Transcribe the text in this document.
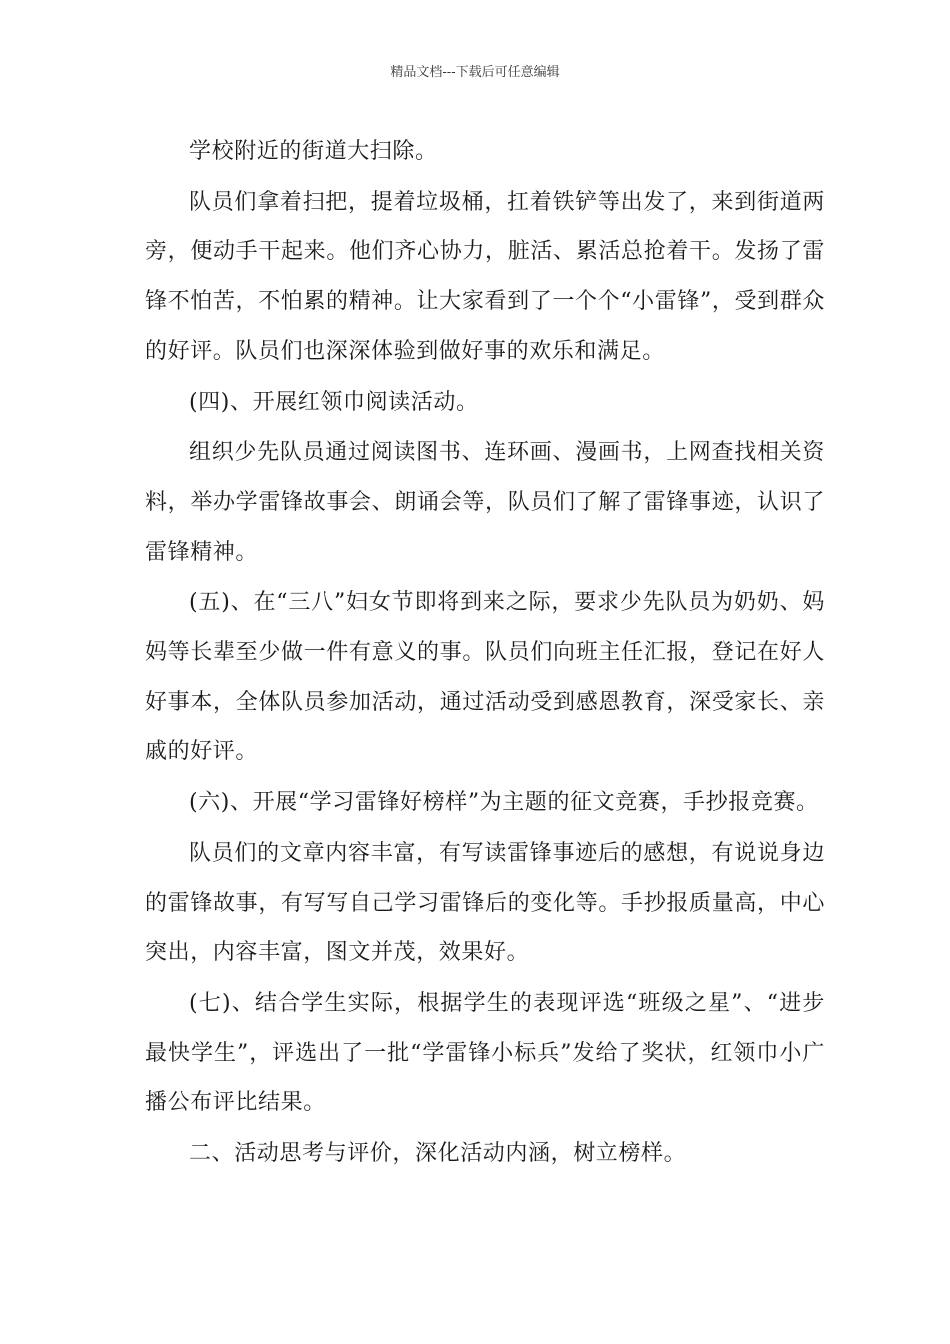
精品文档---下载后可任意编辑

学校附近的街道大扫除。

队员们拿着扫把，提着垃圾桶，扛着铁铲等出发了，来到街道两旁，便动手干起来。他们齐心协力，脏活、累活总抢着干。发扬了雷锋不怕苦，不怕累的精神。让大家看到了一个个“小雷锋”，受到群众的好评。队员们也深深体验到做好事的欢乐和满足。

(四)、开展红领巾阅读活动。

组织少先队员通过阅读图书、连环画、漫画书，上网查找相关资料，举办学雷锋故事会、朗诵会等，队员们了解了雷锋事迹，认识了雷锋精神。

(五)、在“三八”妇女节即将到来之际，要求少先队员为奶奶、妈妈等长辈至少做一件有意义的事。队员们向班主任汇报，登记在好人好事本，全体队员参加活动，通过活动受到感恩教育，深受家长、亲戚的好评。

(六)、开展“学习雷锋好榜样”为主题的征文竞赛，手抄报竞赛。

队员们的文章内容丰富，有写读雷锋事迹后的感想，有说说身边的雷锋故事，有写写自己学习雷锋后的变化等。手抄报质量高，中心突出，内容丰富，图文并茂，效果好。

(七)、结合学生实际，根据学生的表现评选“班级之星”、“进步最快学生”，评选出了一批“学雷锋小标兵”发给了奖状，红领巾小广播公布评比结果。

二、活动思考与评价，深化活动内涵，树立榜样。
